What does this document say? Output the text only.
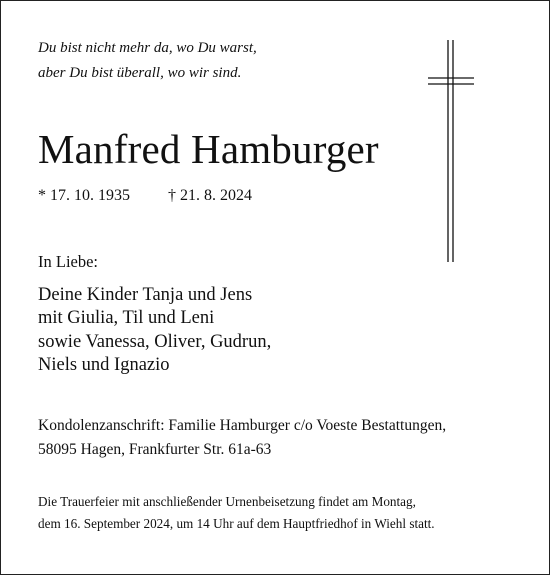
Du bist nicht mehr da, wo Du warst,
aber Du bist überall, wo wir sind.
Manfred Hamburger
* 17. 10. 1935 † 21. 8. 2024
In Liebe:
Deine Kinder Tanja und Jens
mit Giulia, Til und Leni
sowie Vanessa, Oliver, Gudrun,
Niels und Ignazio
Kondolenzanschrift: Familie Hamburger c/o Voeste Bestattungen,
58095 Hagen, Frankfurter Str. 61a-63
Die Trauerfeier mit anschließender Urnenbeisetzung findet am Montag,
dem 16. September 2024, um 14 Uhr auf dem Hauptfriedhof in Wiehl statt.
